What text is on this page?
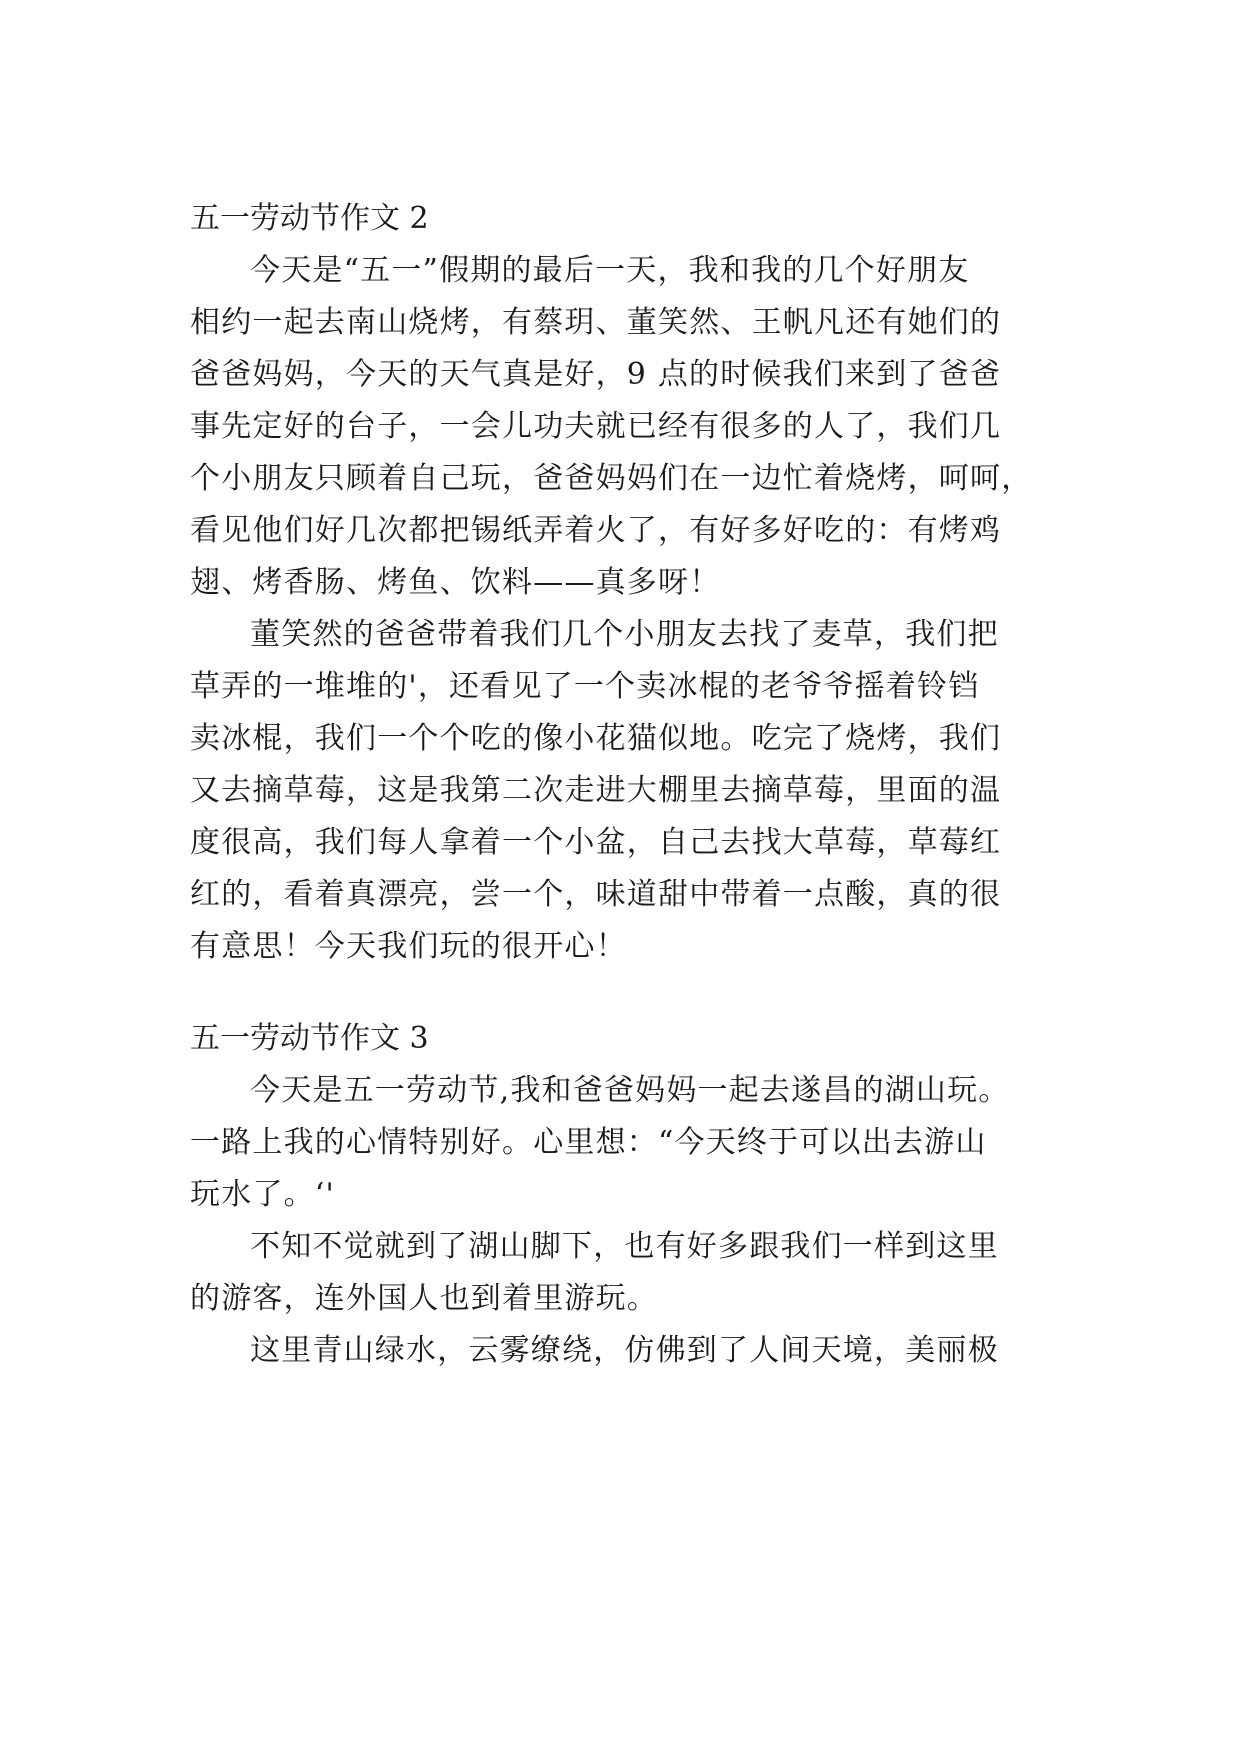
五一劳动节作文 2
今天是“五一”假期的最后一天，我和我的几个好朋友
相约一起去南山烧烤，有蔡玥、董笑然、王帆凡还有她们的
爸爸妈妈，今天的天气真是好，9 点的时候我们来到了爸爸
事先定好的台子，一会儿功夫就已经有很多的人了，我们几
个小朋友只顾着自己玩，爸爸妈妈们在一边忙着烧烤，呵呵，
看见他们好几次都把锡纸弄着火了，有好多好吃的：有烤鸡
翅、烤香肠、烤鱼、饮料——真多呀！
董笑然的爸爸带着我们几个小朋友去找了麦草，我们把
草弄的一堆堆的'，还看见了一个卖冰棍的老爷爷摇着铃铛
卖冰棍，我们一个个吃的像小花猫似地。吃完了烧烤，我们
又去摘草莓，这是我第二次走进大棚里去摘草莓，里面的温
度很高，我们每人拿着一个小盆，自己去找大草莓，草莓红
红的，看着真漂亮，尝一个，味道甜中带着一点酸，真的很
有意思！今天我们玩的很开心！
五一劳动节作文 3
今天是五一劳动节,我和爸爸妈妈一起去遂昌的湖山玩。
一路上我的心情特别好。心里想：“今天终于可以出去游山
玩水了。‘'
不知不觉就到了湖山脚下，也有好多跟我们一样到这里
的游客，连外国人也到着里游玩。
这里青山绿水，云雾缭绕，仿佛到了人间天境，美丽极
